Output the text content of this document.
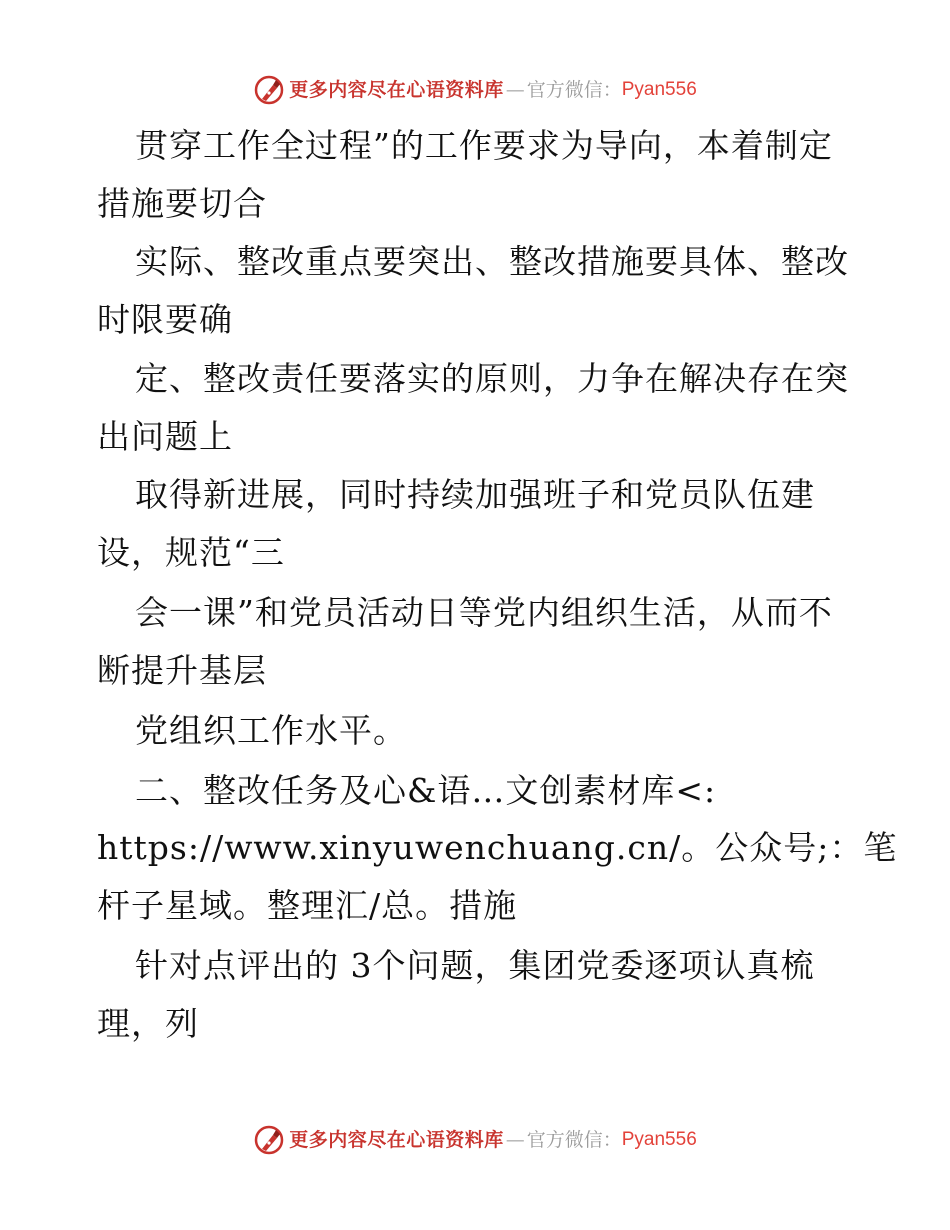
更多内容尽在心语资料库 — 官方微信： Pyan556
贯穿工作全过程”的工作要求为导向，本着制定
措施要切合
实际、整改重点要突出、整改措施要具体、整改
时限要确
定、整改责任要落实的原则，力争在解决存在突
出问题上
取得新进展，同时持续加强班子和党员队伍建
设，规范“三
会一课”和党员活动日等党内组织生活，从而不
断提升基层
党组织工作水平。
二、整改任务及心&语…文创素材库<:
https://www.xinyuwenchuang.cn/。公众号;：笔
杆子星域。整理汇/总。措施
针对点评出的 3个问题，集团党委逐项认真梳
理，列
更多内容尽在心语资料库 — 官方微信： Pyan556
